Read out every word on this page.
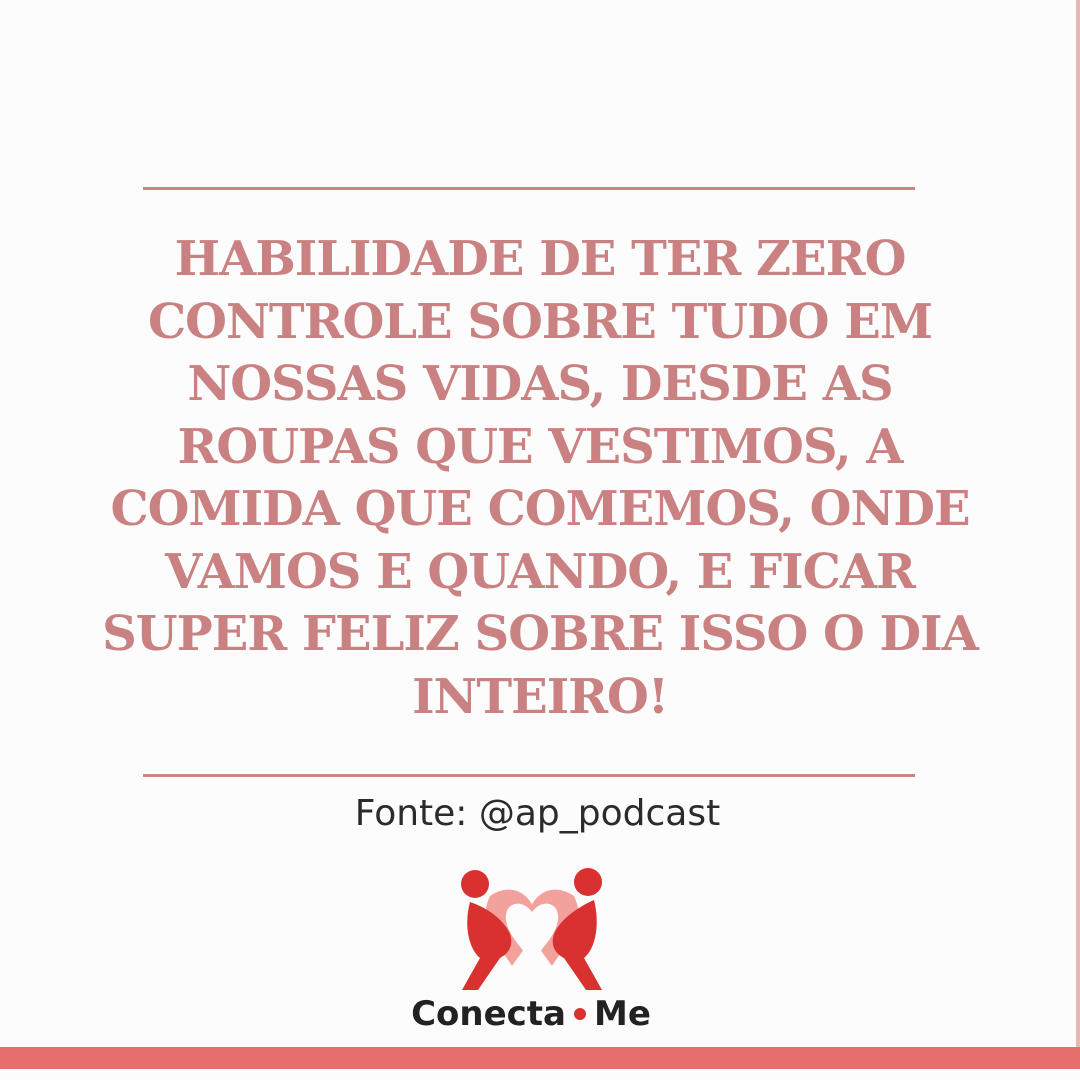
HABILIDADE DE TER ZERO
CONTROLE SOBRE TUDO EM
NOSSAS VIDAS, DESDE AS
ROUPAS QUE VESTIMOS, A
COMIDA QUE COMEMOS, ONDE
VAMOS E QUANDO, E FICAR
SUPER FELIZ SOBRE ISSO O DIA
INTEIRO!
Fonte: @ap_podcast
Conecta Me
